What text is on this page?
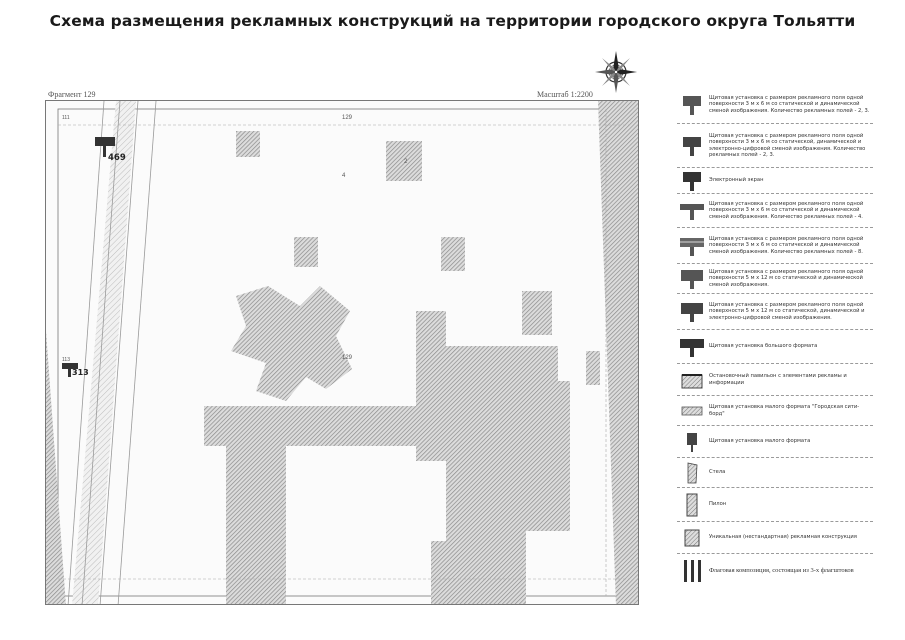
Схема размещения рекламных конструкций на территории городского округа Тольятти
Фрагмент 129	Масштаб 1:2200
129
129
4
2
113
111
469
313
Щитовая установка с размером рекламного поля одной поверхности 3 м х 6 м со статической и динамической сменой изображения. Количество рекламных полей - 2, 3.
Щитовая установка с размером рекламного поля одной поверхности 3 м х 6 м со статической, динамической и электронно-цифровой сменой изображения. Количество рекламных полей - 2, 3.
Электронный экран
Щитовая установка с размером рекламного поля одной поверхности 3 м х 6 м со статической и динамической сменой изображения. Количество рекламных полей - 4.
Щитовая установка с размером рекламного поля одной поверхности 3 м х 6 м со статической и динамической сменой изображения. Количество рекламных полей - 8.
Щитовая установка с размером рекламного поля одной поверхности 5 м х 12 м со статической и динамической сменой изображения.
Щитовая установка с размером рекламного поля одной поверхности 5 м х 12 м со статической, динамической и электронно-цифровой сменой изображения.
Щитовая установка большого формата
Остановочный павильон с элементами рекламы и информации
Щитовая установка малого формата "Городская сити-борд"
Щитовая установка малого формата
Стела
Пилон
Уникальная (нестандартная) рекламная конструкция
Флаговая композиция, состоящая из 3-х флагштоков
